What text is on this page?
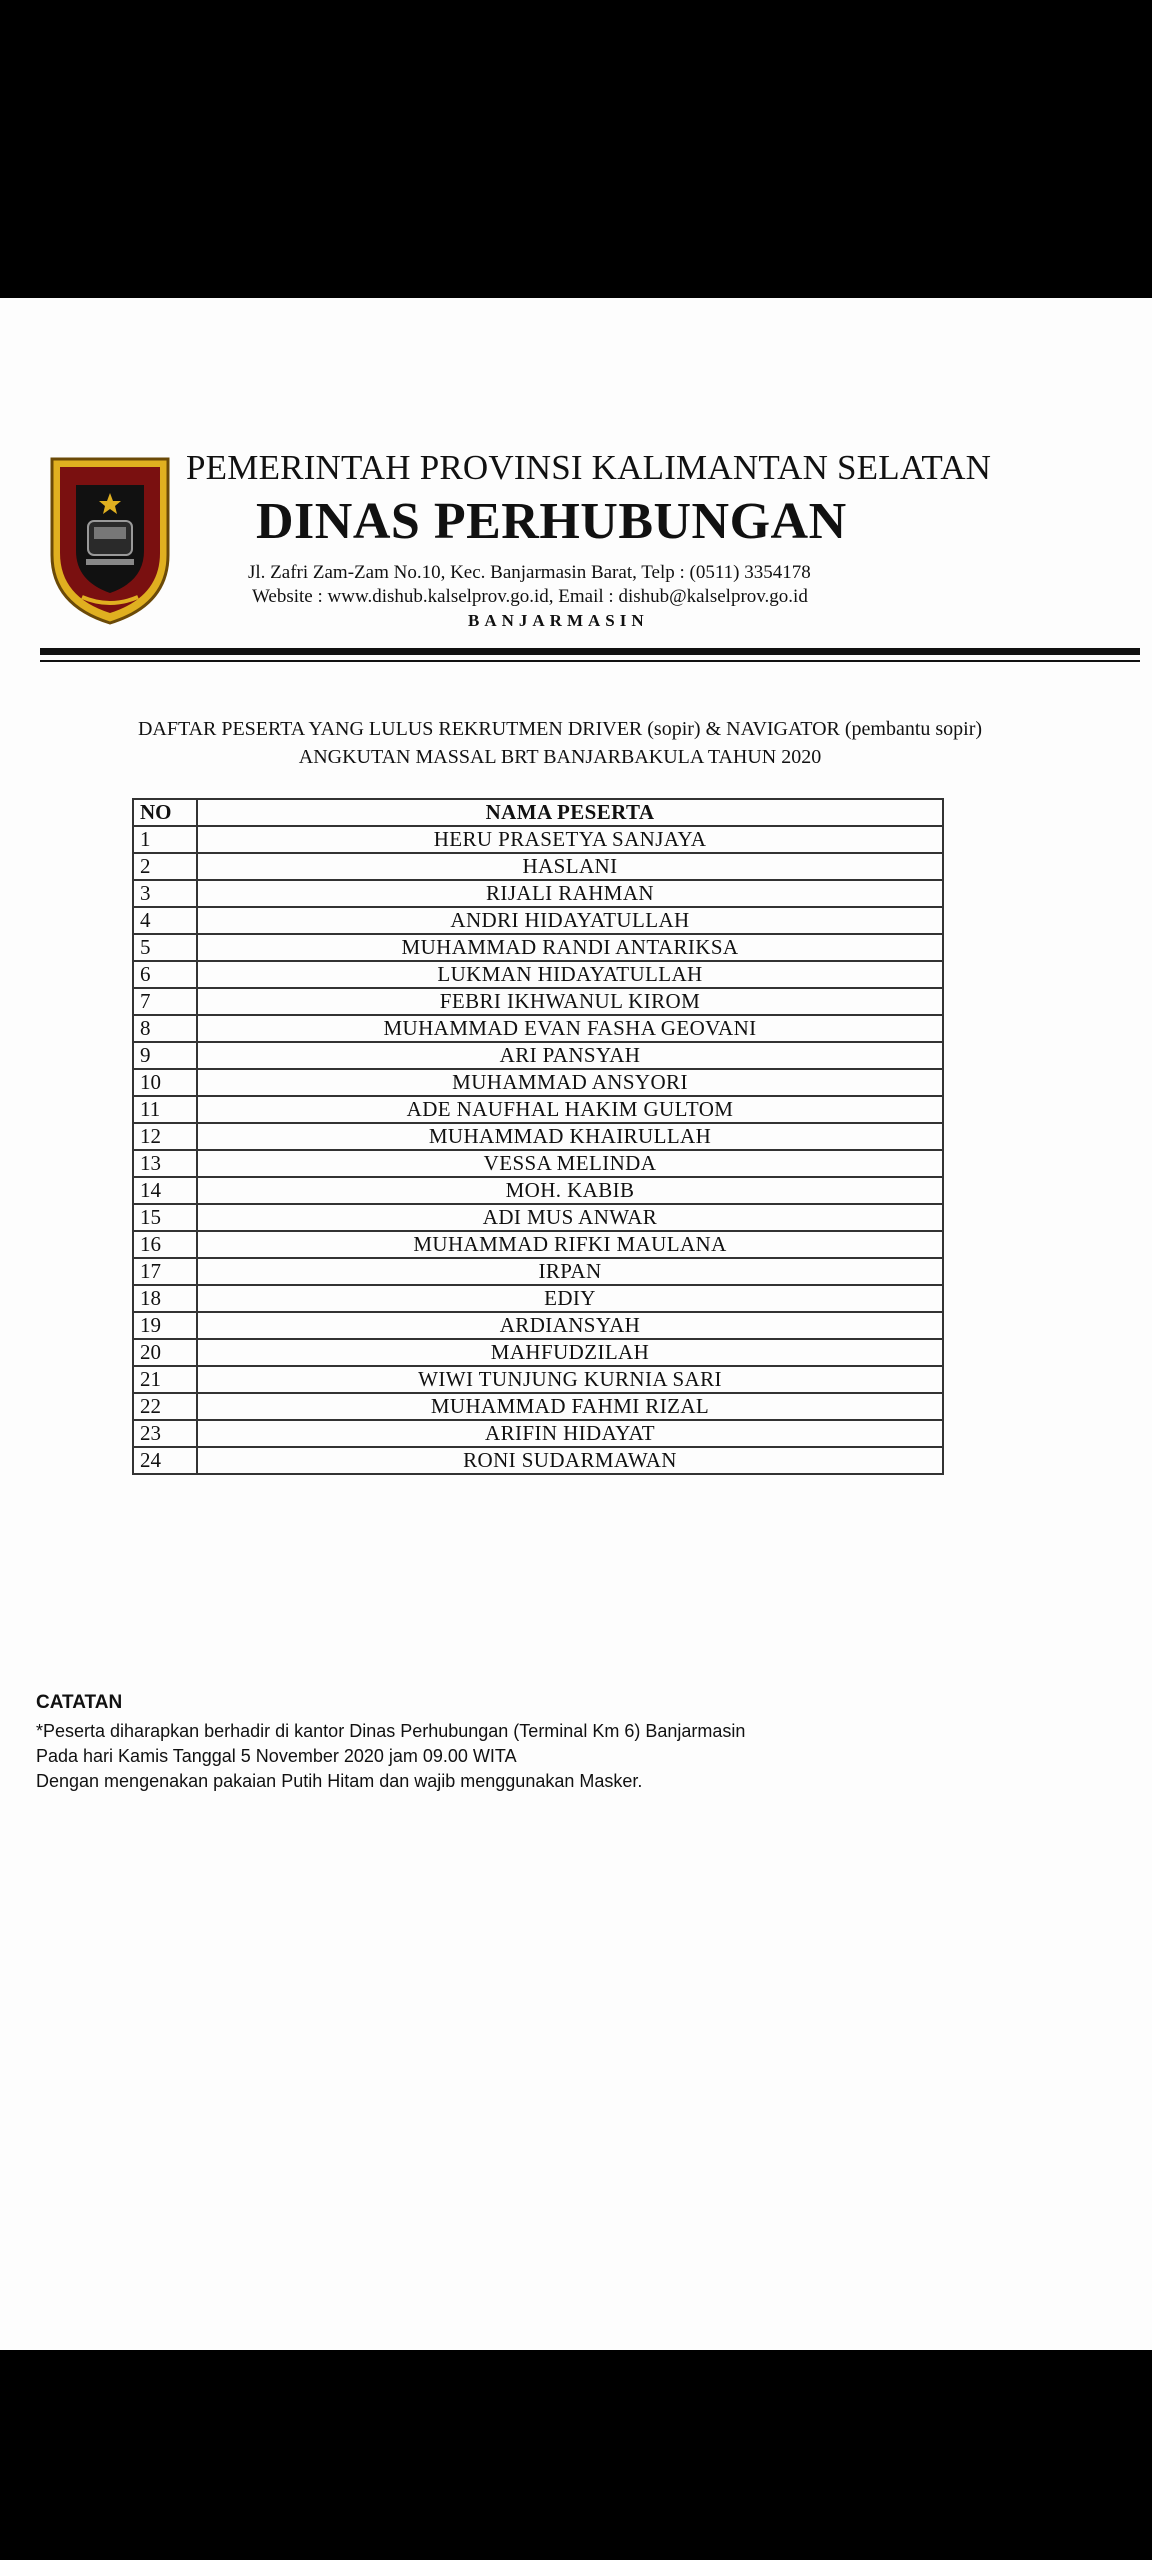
PEMERINTAH PROVINSI KALIMANTAN SELATAN
DINAS PERHUBUNGAN
Jl. Zafri Zam-Zam No.10, Kec. Banjarmasin Barat, Telp : (0511) 3354178
Website : www.dishub.kalselprov.go.id, Email : dishub@kalselprov.go.id
BANJARMASIN
DAFTAR PESERTA YANG LULUS REKRUTMEN DRIVER (sopir) & NAVIGATOR (pembantu sopir)
ANGKUTAN MASSAL BRT BANJARBAKULA TAHUN 2020
NO	NAMA PESERTA
1	HERU PRASETYA SANJAYA
2	HASLANI
3	RIJALI RAHMAN
4	ANDRI HIDAYATULLAH
5	MUHAMMAD RANDI ANTARIKSA
6	LUKMAN HIDAYATULLAH
7	FEBRI IKHWANUL KIROM
8	MUHAMMAD EVAN FASHA GEOVANI
9	ARI PANSYAH
10	MUHAMMAD ANSYORI
11	ADE NAUFHAL HAKIM GULTOM
12	MUHAMMAD KHAIRULLAH
13	VESSA MELINDA
14	MOH. KABIB
15	ADI MUS ANWAR
16	MUHAMMAD RIFKI MAULANA
17	IRPAN
18	EDIY
19	ARDIANSYAH
20	MAHFUDZILAH
21	WIWI TUNJUNG KURNIA SARI
22	MUHAMMAD FAHMI RIZAL
23	ARIFIN HIDAYAT
24	RONI SUDARMAWAN
CATATAN
*Peserta diharapkan berhadir di kantor Dinas Perhubungan (Terminal Km 6) Banjarmasin
Pada hari Kamis Tanggal 5 November 2020 jam 09.00 WITA
Dengan mengenakan pakaian Putih Hitam dan wajib menggunakan Masker.
